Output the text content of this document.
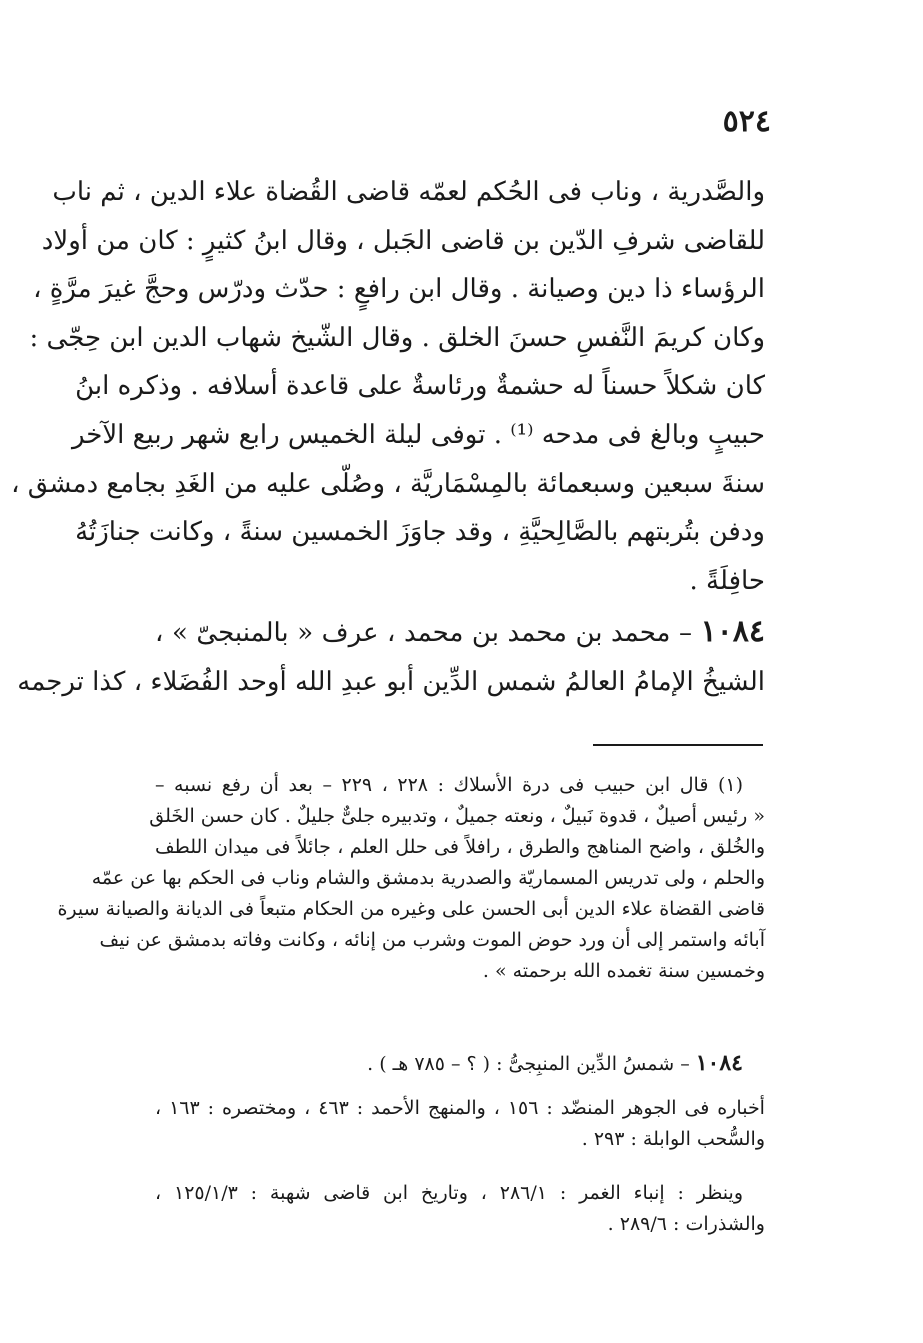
٥٢٤
والصَّدرية ، وناب فى الحُكم لعمّه قاضى القُضاة علاء الدين ، ثم ناب
للقاضى شرفِ الدّين بن قاضى الجَبل ، وقال ابنُ كثيرٍ : كان من أولاد
الرؤساء ذا دين وصيانة . وقال ابن رافعٍ : حدّث ودرّس وحجَّ غيرَ مرَّةٍ ،
وكان كريمَ النَّفسِ حسنَ الخلق . وقال الشّيخ شهاب الدين ابن حِجّى :
كان شكلاً حسناً له حشمةٌ ورئاسةٌ على قاعدة أسلافه . وذكره ابنُ
حبيبٍ وبالغ فى مدحه ⁽¹⁾ . توفى ليلة الخميس رابع شهر ربيع الآخر
سنةَ سبعين وسبعمائة بالمِسْمَاريَّة ، وصُلّى عليه من الغَدِ بجامع دمشق ،
ودفن بتُربتهم بالصَّالِحيَّةِ ، وقد جاوَزَ الخمسين سنةً ، وكانت جنازَتُهُ
حافِلَةً .
١٠٨٤ – محمد بن محمد بن محمد ، عرف « بالمنبجىّ » ،
الشيخُ الإمامُ العالمُ شمس الدِّين أبو عبدِ الله أوحد الفُضَلاء ، كذا ترجمه
(١) قال ابن حبيب فى درة الأسلاك : ٢٢٨ ، ٢٢٩ – بعد أن رفع نسبه –
« رئيس أصيلٌ ، قدوة نَبيلٌ ، ونعته جميلٌ ، وتدبيره جلىٌّ جليلٌ . كان حسن الخَلق
والخُلق ، واضح المناهج والطرق ، رافلاً فى حلل العلم ، جائلاً فى ميدان اللطف
والحلم ، ولى تدريس المسماريّة والصدرية بدمشق والشام وناب فى الحكم بها عن عمّه
قاضى القضاة علاء الدين أبى الحسن على وغيره من الحكام متبعاً فى الديانة والصيانة سيرة
آبائه واستمر إلى أن ورد حوض الموت وشرب من إنائه ، وكانت وفاته بدمشق عن نيف
وخمسين سنة تغمده الله برحمته » .
١٠٨٤ – شمسُ الدِّين المنبِجىُّ : ( ؟ – ٧٨٥ هـ ) .
أخباره فى الجوهر المنضّد : ١٥٦ ، والمنهج الأحمد : ٤٦٣ ، ومختصره : ١٦٣ ،
والسُّحب الوابلة : ٢٩٣ .
وينظر : إنباء الغمر : ٢٨٦/١ ، وتاريخ ابن قاضى شهبة : ١٢٥/١/٣ ،
والشذرات : ٢٨٩/٦ .
